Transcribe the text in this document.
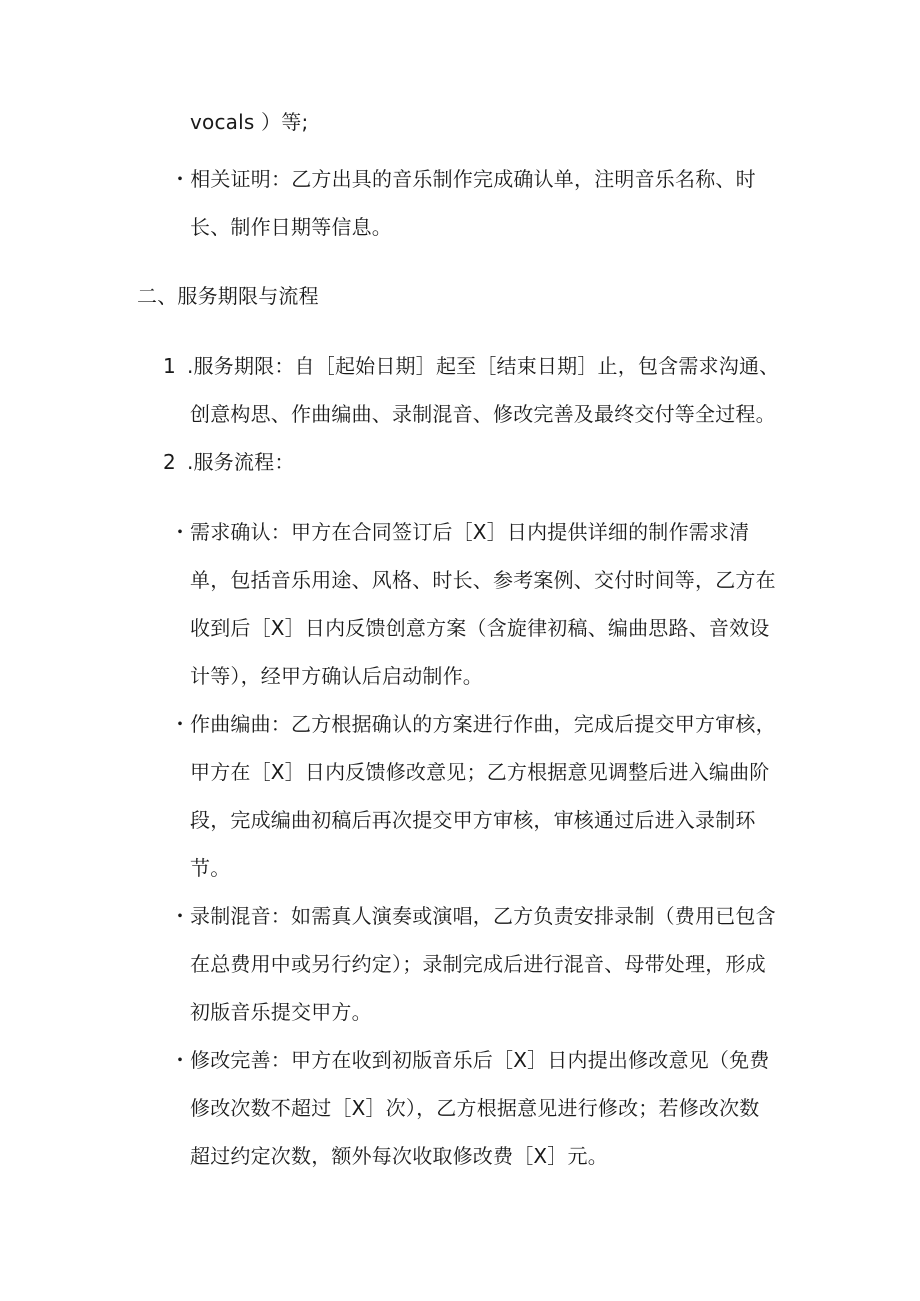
vocals ）等;
・相关证明：乙方出具的音乐制作完成确认单，注明音乐名称、时
长、制作日期等信息。
二、服务期限与流程
1 .服务期限：自［起始日期］起至［结束日期］止，包含需求沟通、
创意构思、作曲编曲、录制混音、修改完善及最终交付等全过程。
2 .服务流程：
・ 需求确认：甲方在合同签订后［X］日内提供详细的制作需求清
单，包括音乐用途、风格、时长、参考案例、交付时间等，乙方在
收到后［X］日内反馈创意方案（含旋律初稿、编曲思路、音效设
计等），经甲方确认后启动制作。
・ 作曲编曲：乙方根据确认的方案进行作曲，完成后提交甲方审核，
甲方在［X］日内反馈修改意见；乙方根据意见调整后进入编曲阶
段，完成编曲初稿后再次提交甲方审核，审核通过后进入录制环
节。
・ 录制混音：如需真人演奏或演唱，乙方负责安排录制（费用已包含
在总费用中或另行约定）；录制完成后进行混音、母带处理，形成
初版音乐提交甲方。
・ 修改完善：甲方在收到初版音乐后［X］日内提出修改意见（免费
修改次数不超过［X］次），乙方根据意见进行修改；若修改次数
超过约定次数，额外每次收取修改费［X］元。
